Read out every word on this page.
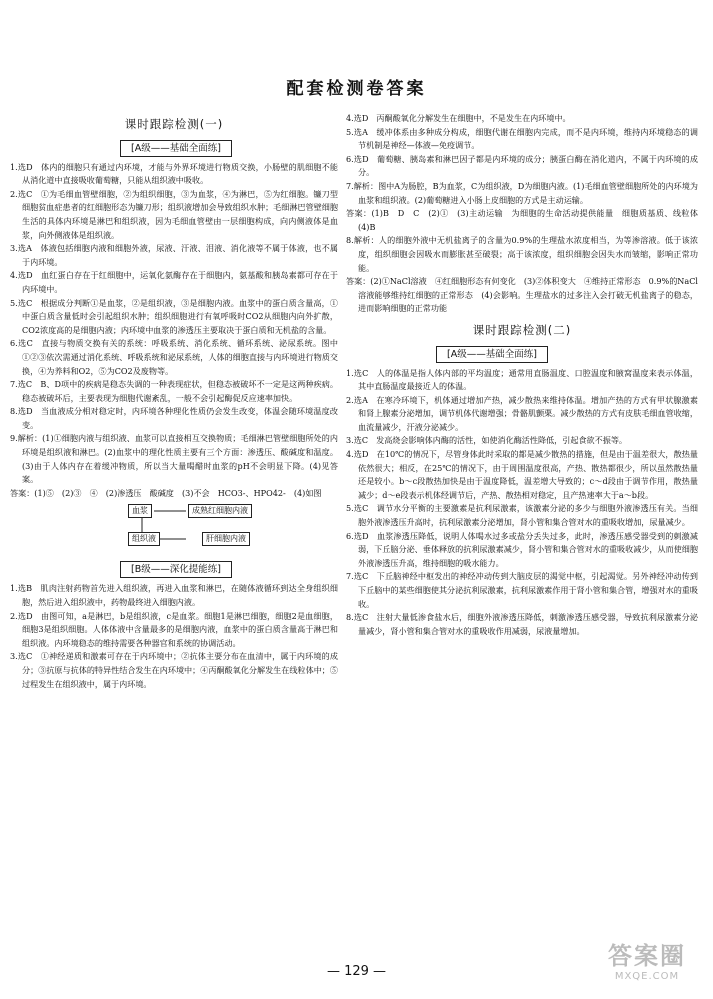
配套检测卷答案
课时跟踪检测(一)
[A级——基础全面练]

1.选D　体内的细胞只有通过内环境，才能与外界环境进行物质交换，小肠壁的肌细胞不能从消化道中直接吸收葡萄糖，只能从组织液中吸收。

2.选C　①为毛细血管壁细胞，②为组织细胞，③为血浆，④为淋巴，⑤为红细胞。镰刀型细胞贫血症患者的红细胞形态为镰刀形；组织液增加会导致组织水肿；毛细淋巴管壁细胞生活的具体内环境是淋巴和组织液，因为毛细血管壁由一层细胞构成，向内侧液体是血浆，向外侧液体是组织液。

3.选A　体液包括细胞内液和细胞外液，尿液、汗液、泪液、消化液等不属于体液，也不属于内环境。

4.选D　血红蛋白存在于红细胞中，运氧化氨酶存在于细胞内，氨基酸和胰岛素都可存在于内环境中。

5.选C　根据成分判断①是血浆，②是组织液，③是细胞内液。血浆中的蛋白质含量高，①中蛋白质含量低时会引起组织水肿；组织细胞进行有氧呼吸时CO2从细胞内向外扩散，CO2浓度高的是细胞内液；内环境中血浆的渗透压主要取决于蛋白质和无机盐的含量。

6.选C　直接与物质交换有关的系统：呼吸系统、消化系统、循环系统、泌尿系统。图中①②③依次需通过消化系统、呼吸系统和泌尿系统，人体的细胞直接与内环境进行物质交换，④为养料和O2，⑤为CO2及废物等。

7.选C　B、D项中的疾病是稳态失调的一种表现症状，但稳态被破坏不一定是这两种疾病。稳态被破坏后，主要表现为细胞代谢紊乱，一般不会引起酶促反应速率加快。

8.选D　当血液成分相对稳定时，内环境各种理化性质仍会发生改变，体温会随环境温度改变。

9.解析：(1)①细胞内液与组织液、血浆可以直接相互交换物质；毛细淋巴管壁细胞所处的内环境是组织液和淋巴。(2)血浆中的理化性质主要有三个方面：渗透压、酸碱度和温度。(3)由于人体内存在着缓冲物质，所以当大量喝醋时血浆的pH不会明显下降。(4)见答案。

答案：(1)⑤　(2)③　④　(2)渗透压　酸碱度　(3)不会　HCO3-、HPO42-　(4)如图

血浆	成熟红细胞内液
组织液	肝细胞内液
[B级——深化提能练]

1.选B　肌肉注射药物首先进入组织液，再进入血浆和淋巴，在随体液循环到达全身组织细胞，然后进入组织液中，药物最终进入细胞内液。

2.选D　由图可知，a是淋巴，b是组织液，c是血浆。细胞1是淋巴细胞，细胞2是血细胞，细胞3是组织细胞。人体体液中含量最多的是细胞内液，血浆中的蛋白质含量高于淋巴和组织液。内环境稳态的维持需要各种器官和系统的协调活动。

3.选C　①神经递质和激素可存在于内环境中；②抗体主要分布在血清中，属于内环境的成分；③抗原与抗体的特异性结合发生在内环境中；④丙酮酸氧化分解发生在线粒体中；⑤过程发生在组织液中，属于内环境。

4.选D　丙酮酸氧化分解发生在细胞中，不是发生在内环境中。

5.选A　缓冲体系由多种成分构成，细胞代谢在细胞内完成，而不是内环境，维持内环境稳态的调节机制是神经—体液—免疫调节。

6.选D　葡萄糖、胰岛素和淋巴因子都是内环境的成分；胰蛋白酶在消化道内，不属于内环境的成分。

7.解析：图中A为肠腔，B为血浆，C为组织液，D为细胞内液。(1)毛细血管壁细胞所处的内环境为血浆和组织液。(2)葡萄糖进入小肠上皮细胞的方式是主动运输。

答案：(1)B　D　C　(2)①　(3)主动运输　为细胞的生命活动提供能量　细胞质基质、线粒体　(4)B

8.解析：人的细胞外液中无机盐离子的含量为0.9%的生理盐水浓度相当，为等渗溶液。低于该浓度，组织细胞会因吸水而膨胀甚至破裂；高于该浓度，组织细胞会因失水而皱缩，影响正常功能。

答案：(2)①NaCl溶液　④红细胞形态有何变化　(3)②体积变大　④维持正常形态　0.9%的NaCl溶液能够维持红细胞的正常形态　(4)会影响。生理盐水的过多注入会打破无机盐离子的稳态，进而影响细胞的正常功能

课时跟踪检测(二)
[A级——基础全面练]

1.选C　人的体温是指人体内部的平均温度；通常用直肠温度、口腔温度和腋窝温度来表示体温，其中直肠温度最接近人的体温。

2.选A　在寒冷环境下，机体通过增加产热，减少散热来维持体温。增加产热的方式有甲状腺激素和肾上腺素分泌增加，调节机体代谢增强；骨骼肌颤栗。减少散热的方式有皮肤毛细血管收缩，血流量减少，汗液分泌减少。

3.选C　发高烧会影响体内酶的活性，如使消化酶活性降低，引起食欲不振等。

4.选D　在10℃的情况下，尽管身体此时采取的都是减少散热的措施，但是由于温差很大，散热量依然很大；相反，在25℃的情况下，由于周围温度很高，产热、散热都很少，所以虽然散热量还是较小。b～c段散热加快是由于温度降低，温差增大导致的；c～d段由于调节作用，散热量减少；d～e段表示机体经调节后，产热、散热相对稳定，且产热速率大于a～b段。

5.选C　调节水分平衡的主要激素是抗利尿激素，该激素分泌的多少与细胞外液渗透压有关。当细胞外液渗透压升高时，抗利尿激素分泌增加，肾小管和集合管对水的重吸收增加，尿量减少。

6.选D　血浆渗透压降低，说明人体喝水过多或盐分丢失过多，此时，渗透压感受器受到的刺激减弱，下丘脑分泌、垂体释放的抗利尿激素减少，肾小管和集合管对水的重吸收减少，从而使细胞外液渗透压升高，维持细胞的吸水能力。

7.选C　下丘脑神经中枢发出的神经冲动传到大脑皮层的渴觉中枢，引起渴觉。另外神经冲动传到下丘脑中的某些细胞使其分泌抗利尿激素，抗利尿激素作用于肾小管和集合管，增强对水的重吸收。

8.选C　注射大量低渗食盐水后，细胞外液渗透压降低，刺激渗透压感受器，导致抗利尿激素分泌量减少，肾小管和集合管对水的重吸收作用减弱，尿液量增加。

— 129 —
答案圈
MXQE.COM
